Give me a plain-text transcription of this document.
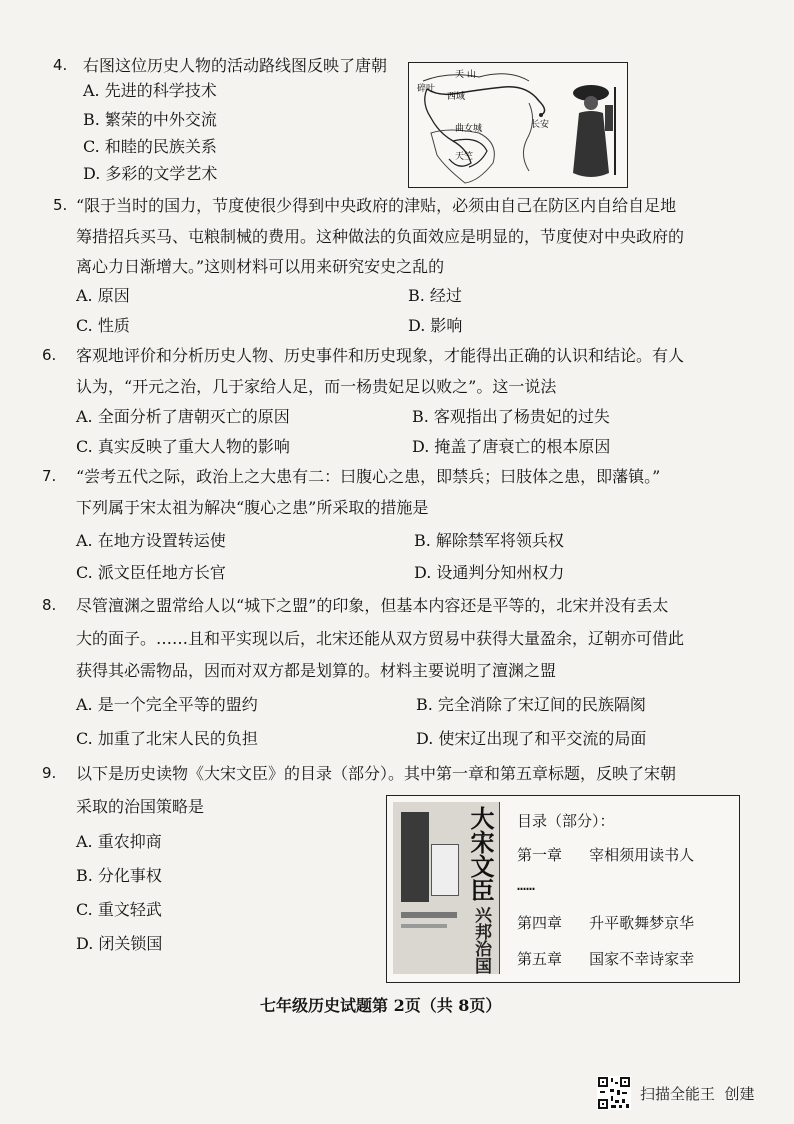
4. 右图这位历史人物的活动路线图反映了唐朝
A. 先进的科学技术
B. 繁荣的中外交流
C. 和睦的民族关系
D. 多彩的文学艺术
天 山
碎叶
西域
长安
曲女城
天竺
5. “限于当时的国力，节度使很少得到中央政府的津贴，必须由自己在防区内自给自足地
筹措招兵买马、屯粮制械的费用。这种做法的负面效应是明显的，节度使对中央政府的
离心力日渐增大。”这则材料可以用来研究安史之乱的
A. 原因	B. 经过
C. 性质	D. 影响
6. 客观地评价和分析历史人物、历史事件和历史现象，才能得出正确的认识和结论。有人
认为，“开元之治，几于家给人足，而一杨贵妃足以败之”。这一说法
A. 全面分析了唐朝灭亡的原因	B. 客观指出了杨贵妃的过失
C. 真实反映了重大人物的影响	D. 掩盖了唐衰亡的根本原因
7. “尝考五代之际，政治上之大患有二：曰腹心之患，即禁兵；曰肢体之患，即藩镇。”
下列属于宋太祖为解决“腹心之患”所采取的措施是
A. 在地方设置转运使	B. 解除禁军将领兵权
C. 派文臣任地方长官	D. 设通判分知州权力
8. 尽管澶渊之盟常给人以“城下之盟”的印象，但基本内容还是平等的，北宋并没有丢太
大的面子。……且和平实现以后，北宋还能从双方贸易中获得大量盈余，辽朝亦可借此
获得其必需物品，因而对双方都是划算的。材料主要说明了澶渊之盟
A. 是一个完全平等的盟约	B. 完全消除了宋辽间的民族隔阂
C. 加重了北宋人民的负担	D. 使宋辽出现了和平交流的局面
9. 以下是历史读物《大宋文臣》的目录（部分）。其中第一章和第五章标题，反映了宋朝
采取的治国策略是
A. 重农抑商
B. 分化事权
C. 重文轻武
D. 闭关锁国
大宋文臣
兴邦治国
目录（部分）：
第一章   宰相须用读书人
……
第四章   升平歌舞梦京华
第五章   国家不幸诗家幸
七年级历史试题第 2页（共 8页）
扫描全能王  创建
